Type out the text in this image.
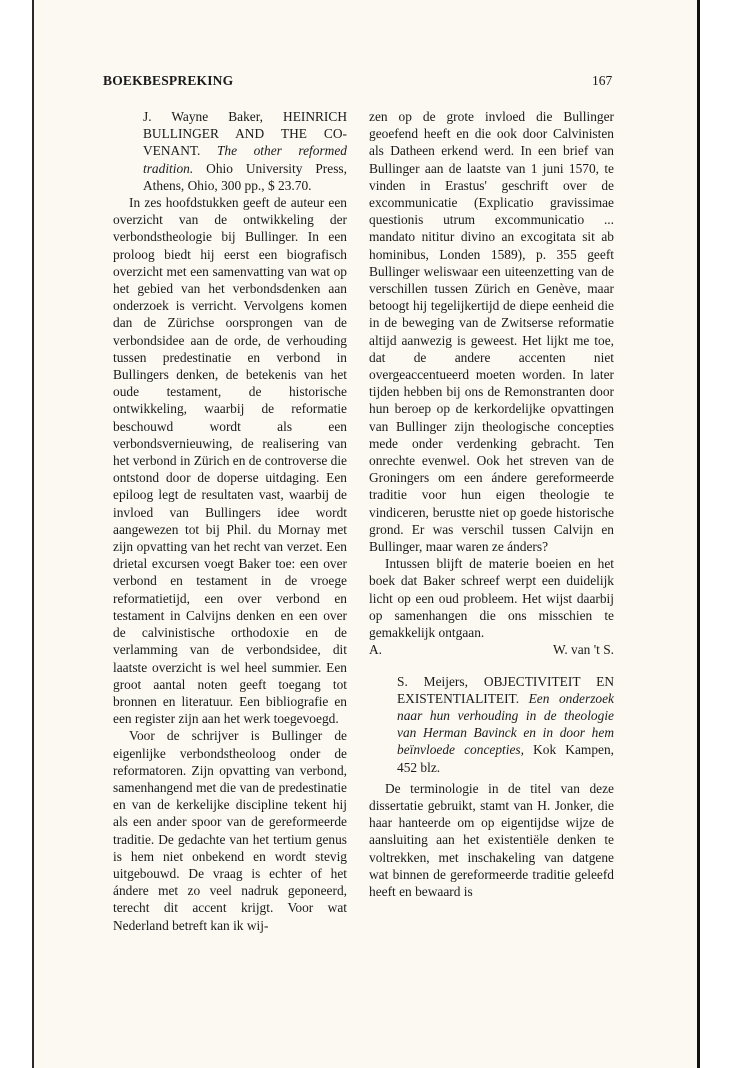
BOEKBESPREKING	167
J. Wayne Baker, HEINRICH BULLINGER AND THE CO-VENANT. The other reformed tradition. Ohio University Press, Athens, Ohio, 300 pp., $ 23.70.

In zes hoofdstukken geeft de auteur een overzicht van de ontwikkeling der verbondstheologie bij Bullinger. In een proloog biedt hij eerst een biografisch overzicht met een samenvatting van wat op het gebied van het verbondsdenken aan onderzoek is verricht. Vervolgens komen dan de Zürichse oorsprongen van de verbondsidee aan de orde, de verhouding tussen predestinatie en verbond in Bullingers denken, de betekenis van het oude testament, de historische ontwikkeling, waarbij de reformatie beschouwd wordt als een verbondsvernieuwing, de realisering van het verbond in Zürich en de controverse die ontstond door de doperse uitdaging. Een epiloog legt de resultaten vast, waarbij de invloed van Bullingers idee wordt aangewezen tot bij Phil. du Mornay met zijn opvatting van het recht van verzet. Een drietal excursen voegt Baker toe: een over verbond en testament in de vroege reformatietijd, een over verbond en testament in Calvijns denken en een over de calvinistische orthodoxie en de verlamming van de verbondsidee, dit laatste overzicht is wel heel summier. Een groot aantal noten geeft toegang tot bronnen en literatuur. Een bibliografie en een register zijn aan het werk toegevoegd.

Voor de schrijver is Bullinger de eigenlijke verbondstheoloog onder de reformatoren. Zijn opvatting van verbond, samenhangend met die van de predestinatie en van de kerkelijke discipline tekent hij als een ander spoor van de gereformeerde traditie. De gedachte van het tertium genus is hem niet onbekend en wordt stevig uitgebouwd. De vraag is echter of het ándere met zo veel nadruk geponeerd, terecht dit accent krijgt. Voor wat Nederland betreft kan ik wij-

zen op de grote invloed die Bullinger geoefend heeft en die ook door Calvinisten als Datheen erkend werd. In een brief van Bullinger aan de laatste van 1 juni 1570, te vinden in Erastus' geschrift over de excommunicatie (Explicatio gravissimae questionis utrum excommunicatio ... mandato nititur divino an excogitata sit ab hominibus, Londen 1589), p. 355 geeft Bullinger weliswaar een uiteenzetting van de verschillen tussen Zürich en Genève, maar betoogt hij tegelijkertijd de diepe eenheid die in de beweging van de Zwitserse reformatie altijd aanwezig is geweest. Het lijkt me toe, dat de andere accenten niet overgeaccentueerd moeten worden. In later tijden hebben bij ons de Remonstranten door hun beroep op de kerkordelijke opvattingen van Bullinger zijn theologische concepties mede onder verdenking gebracht. Ten onrechte evenwel. Ook het streven van de Groningers om een ándere gereformeerde traditie voor hun eigen theologie te vindiceren, berustte niet op goede historische grond. Er was verschil tussen Calvijn en Bullinger, maar waren ze ánders?

Intussen blijft de materie boeien en het boek dat Baker schreef werpt een duidelijk licht op een oud probleem. Het wijst daarbij op samenhangen die ons misschien te gemakkelijk ontgaan.

A.	W. van 't S.
S. Meijers, OBJECTIVITEIT EN EXISTENTIALITEIT. Een onderzoek naar hun verhouding in de theologie van Herman Bavinck en in door hem beïnvloede concepties, Kok Kampen, 452 blz.

De terminologie in de titel van deze dissertatie gebruikt, stamt van H. Jonker, die haar hanteerde om op eigentijdse wijze de aansluiting aan het existentiële denken te voltrekken, met inschakeling van datgene wat binnen de gereformeerde traditie geleefd heeft en bewaard is
